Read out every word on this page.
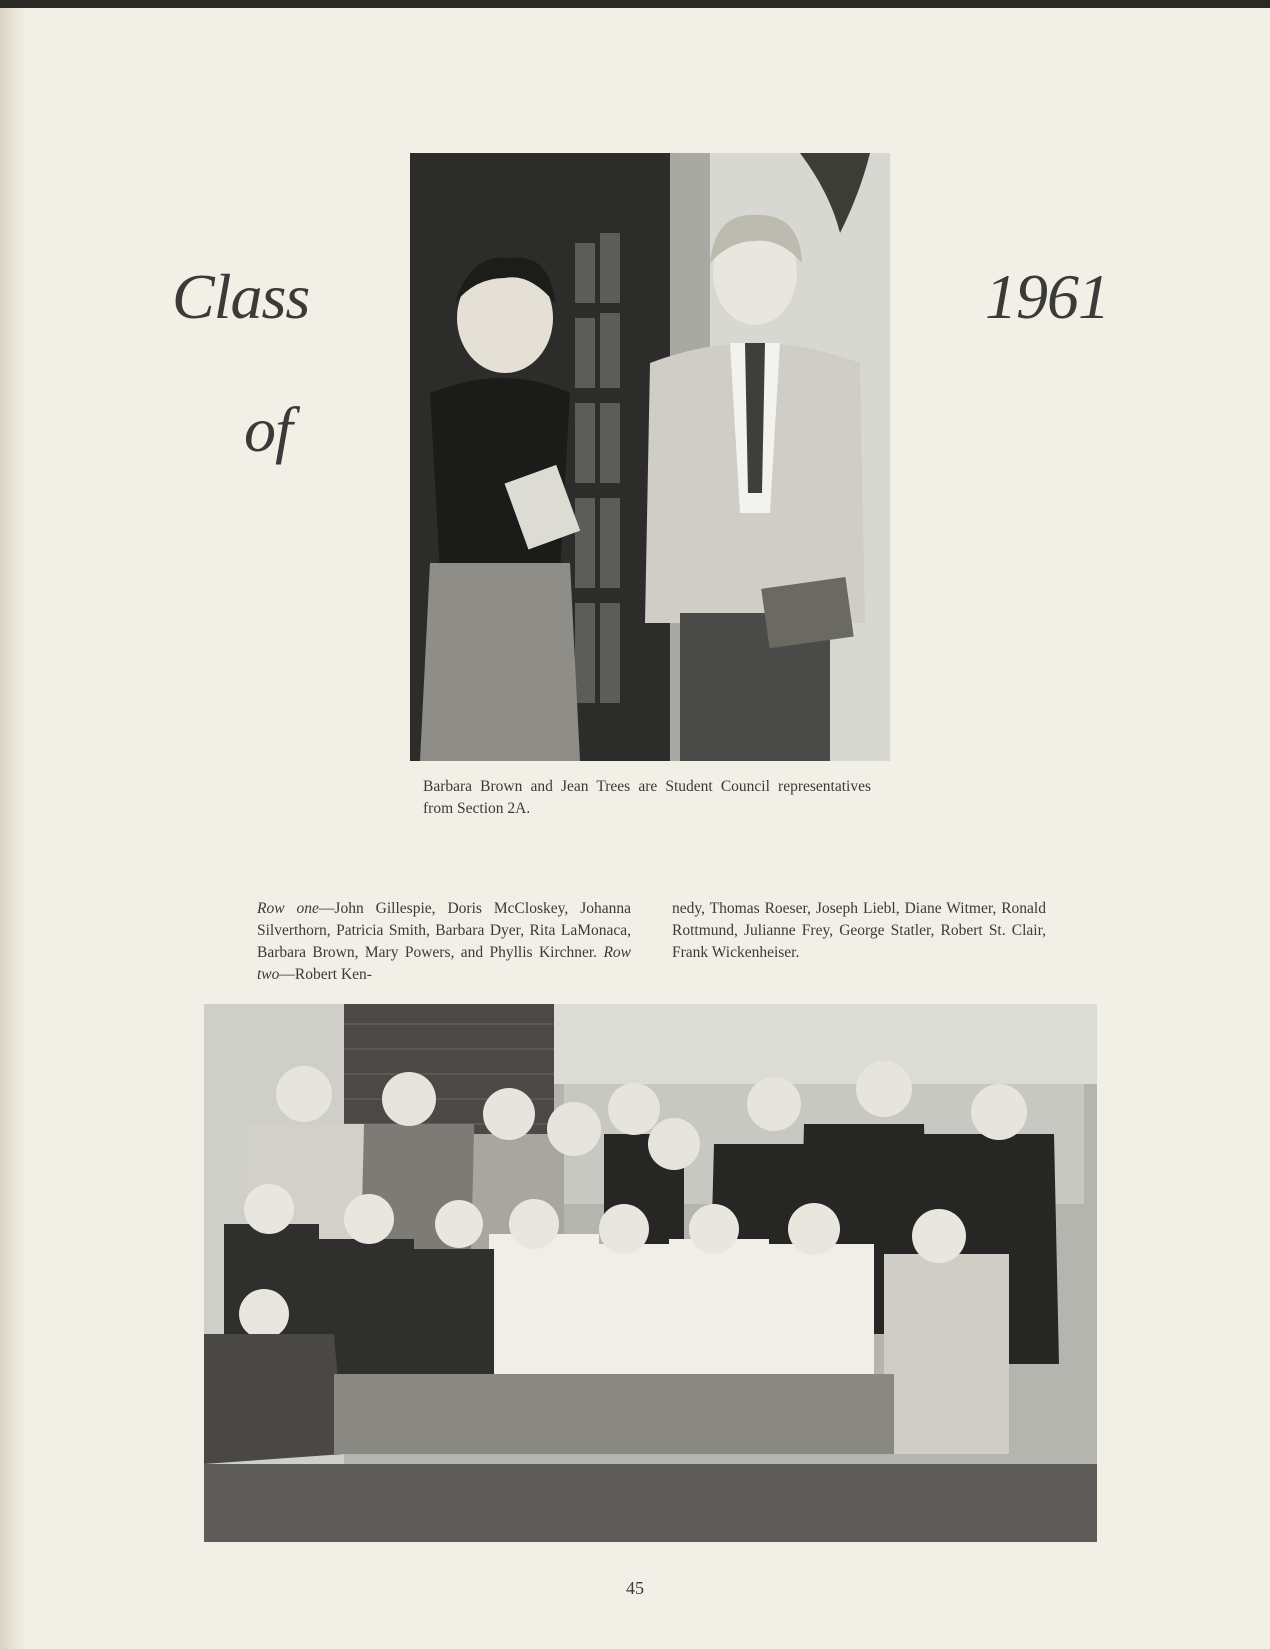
Class
of
1961
Barbara Brown and Jean Trees are Student Council representatives from Section 2A.
Row one—John Gillespie, Doris McCloskey, Johanna Silverthorn, Patricia Smith, Barbara Dyer, Rita LaMonaca, Barbara Brown, Mary Powers, and Phyllis Kirchner. Row two—Robert Ken-
nedy, Thomas Roeser, Joseph Liebl, Diane Witmer, Ronald Rottmund, Julianne Frey, George Statler, Robert St. Clair, Frank Wickenheiser.
45
